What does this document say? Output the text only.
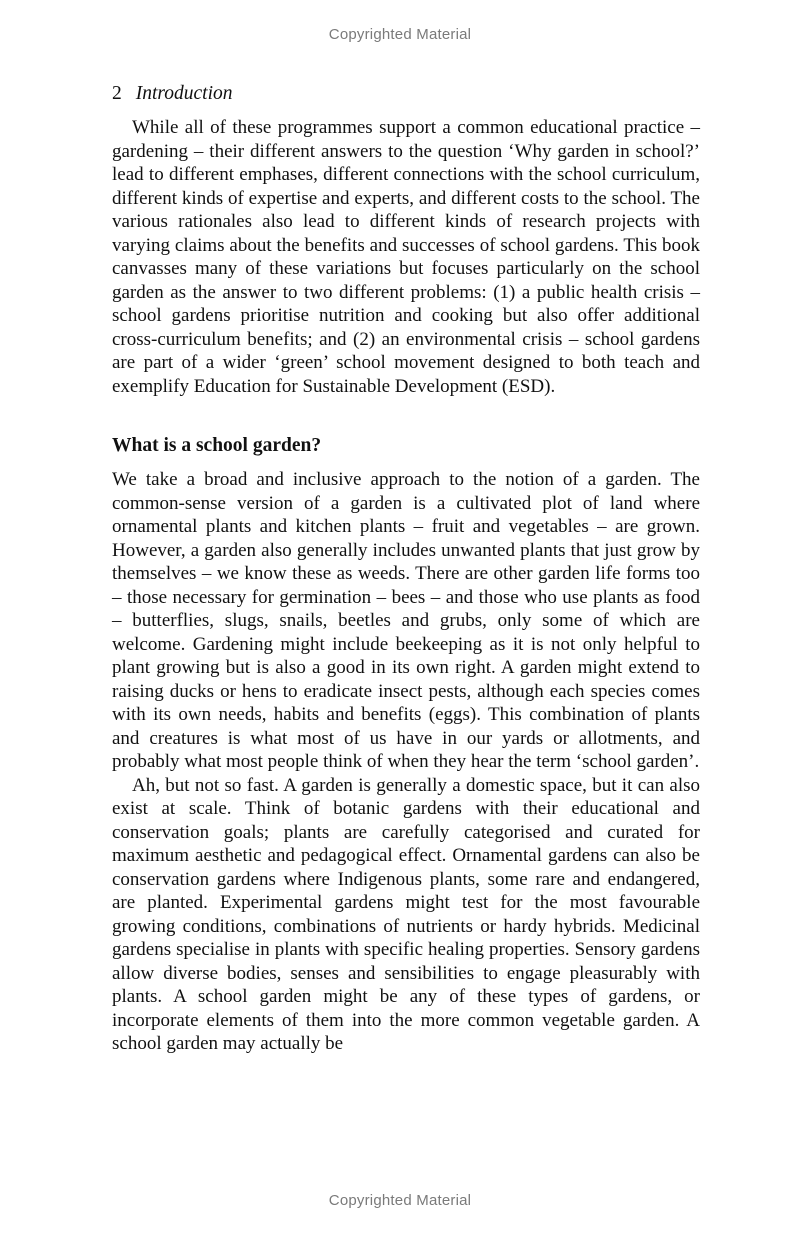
Copyrighted Material
2 Introduction

While all of these programmes support a common educational practice – gardening – their different answers to the question ‘Why garden in school?’ lead to different emphases, different connections with the school curriculum, different kinds of expertise and experts, and different costs to the school. The various rationales also lead to different kinds of research projects with varying claims about the benefits and successes of school gardens. This book canvasses many of these variations but focuses particularly on the school garden as the answer to two different problems: (1) a public health crisis – school gardens prioritise nutrition and cooking but also offer additional cross-curriculum benefits; and (2) an environmental crisis – school gardens are part of a wider ‘green’ school movement designed to both teach and exemplify Education for Sustainable Development (ESD).

What is a school garden?

We take a broad and inclusive approach to the notion of a garden. The common-sense version of a garden is a cultivated plot of land where ornamental plants and kitchen plants – fruit and vegetables – are grown. However, a garden also generally includes unwanted plants that just grow by themselves – we know these as weeds. There are other garden life forms too – those necessary for germination – bees – and those who use plants as food – butterflies, slugs, snails, beetles and grubs, only some of which are welcome. Gardening might include beekeeping as it is not only helpful to plant growing but is also a good in its own right. A garden might extend to raising ducks or hens to eradicate insect pests, although each species comes with its own needs, habits and benefits (eggs). This combination of plants and creatures is what most of us have in our yards or allotments, and probably what most people think of when they hear the term ‘school garden’.

Ah, but not so fast. A garden is generally a domestic space, but it can also exist at scale. Think of botanic gardens with their educational and conservation goals; plants are carefully categorised and curated for maximum aesthetic and pedagogical effect. Ornamental gardens can also be conservation gardens where Indigenous plants, some rare and endangered, are planted. Experimental gardens might test for the most favourable growing conditions, combinations of nutrients or hardy hybrids. Medicinal gardens specialise in plants with specific healing properties. Sensory gardens allow diverse bodies, senses and sensibilities to engage pleasurably with plants. A school garden might be any of these types of gardens, or incorporate elements of them into the more common vegetable garden. A school garden may actually be

Copyrighted Material
